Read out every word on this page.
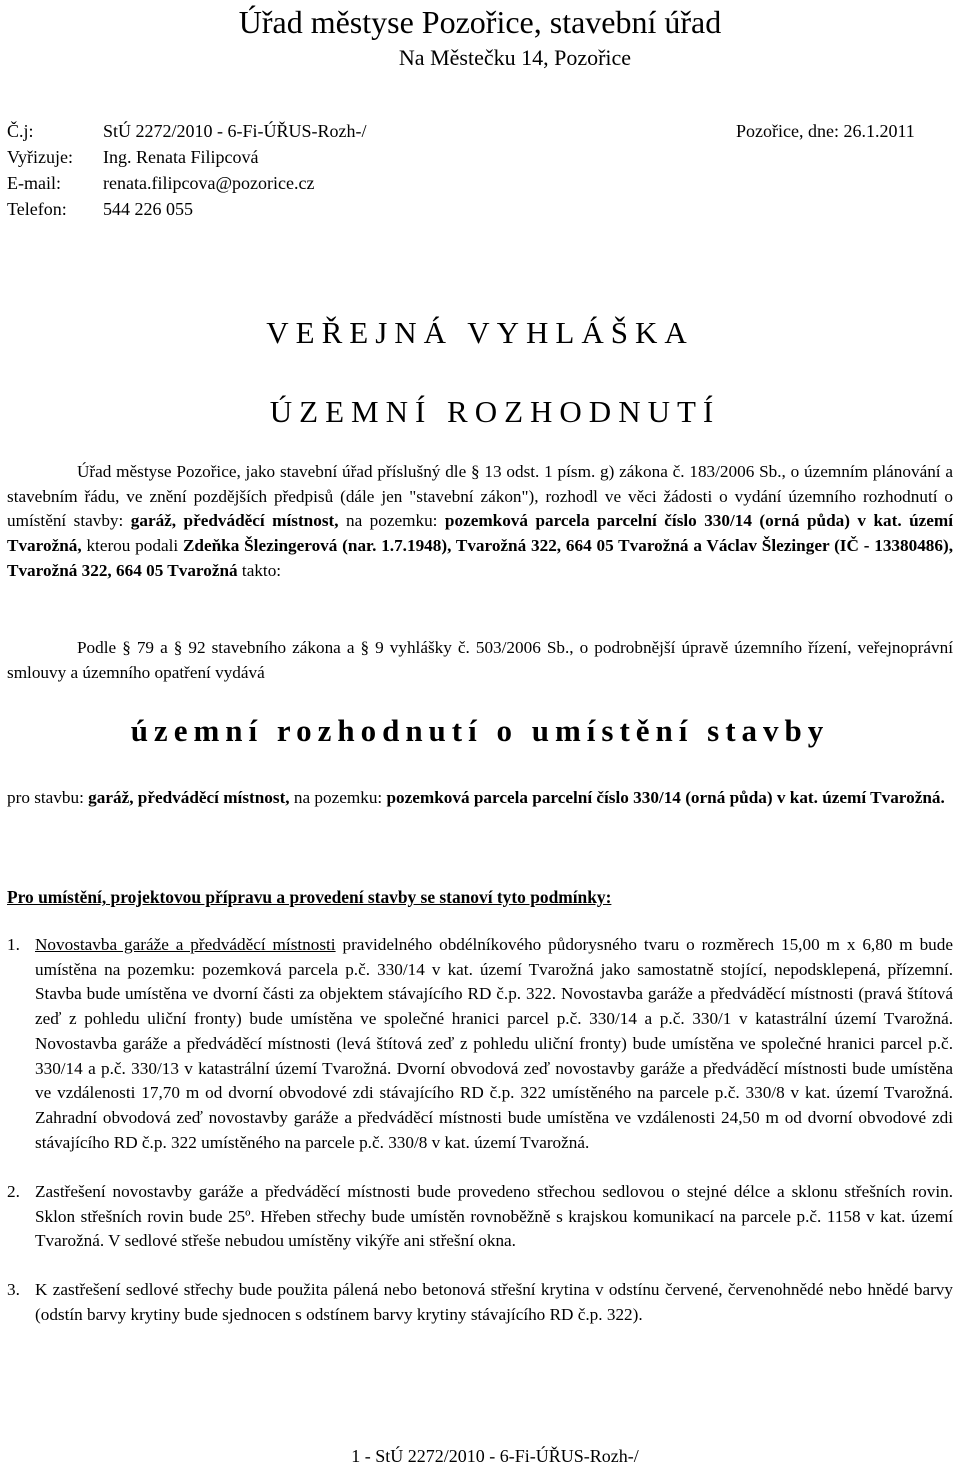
Úřad městyse Pozořice, stavební úřad
Na Městečku 14, Pozořice
Č.j:	StÚ 2272/2010 - 6-Fi-ÚŘUS-Rozh-/	Pozořice, dne: 26.1.2011
Vyřizuje: Ing. Renata Filipcová
E-mail: renata.filipcova@pozorice.cz
Telefon: 544 226 055
VEŘEJNÁ VYHLÁŠKA
ÚZEMNÍ ROZHODNUTÍ
Úřad městyse Pozořice, jako stavební úřad příslušný dle § 13 odst. 1 písm. g) zákona č. 183/2006 Sb., o územním plánování a stavebním řádu, ve znění pozdějších předpisů (dále jen "stavební zákon"), rozhodl ve věci žádosti o vydání územního rozhodnutí o umístění stavby: garáž, předváděcí místnost, na pozemku: pozemková parcela parcelní číslo 330/14 (orná půda) v kat. území Tvarožná, kterou podali Zdeňka Šlezingerová (nar. 1.7.1948), Tvarožná 322, 664 05 Tvarožná a Václav Šlezinger (IČ - 13380486), Tvarožná 322, 664 05 Tvarožná takto:
Podle § 79 a § 92 stavebního zákona a § 9 vyhlášky č. 503/2006 Sb., o podrobnější úpravě územního řízení, veřejnoprávní smlouvy a územního opatření vydává
územní rozhodnutí o umístění stavby
pro stavbu: garáž, předváděcí místnost, na pozemku: pozemková parcela parcelní číslo 330/14 (orná půda) v kat. území Tvarožná.
Pro umístění, projektovou přípravu a provedení stavby se stanoví tyto podmínky:
1. Novostavba garáže a předváděcí místnosti pravidelného obdélníkového půdorysného tvaru o rozměrech 15,00 m x 6,80 m bude umístěna na pozemku: pozemková parcela p.č. 330/14 v kat. území Tvarožná jako samostatně stojící, nepodsklepená, přízemní. Stavba bude umístěna ve dvorní části za objektem stávajícího RD č.p. 322. Novostavba garáže a předváděcí místnosti (pravá štítová zeď z pohledu uliční fronty) bude umístěna ve společné hranici parcel p.č. 330/14 a p.č. 330/1 v katastrální území Tvarožná. Novostavba garáže a předváděcí místnosti (levá štítová zeď z pohledu uliční fronty) bude umístěna ve společné hranici parcel p.č. 330/14 a p.č. 330/13 v katastrální území Tvarožná. Dvorní obvodová zeď novostavby garáže a předváděcí místnosti bude umístěna ve vzdálenosti 17,70 m od dvorní obvodové zdi stávajícího RD č.p. 322 umístěného na parcele p.č. 330/8 v kat. území Tvarožná. Zahradní obvodová zeď novostavby garáže a předváděcí místnosti bude umístěna ve vzdálenosti 24,50 m od dvorní obvodové zdi stávajícího RD č.p. 322 umístěného na parcele p.č. 330/8 v kat. území Tvarožná.
2. Zastřešení novostavby garáže a předváděcí místnosti bude provedeno střechou sedlovou o stejné délce a sklonu střešních rovin. Sklon střešních rovin bude 25º. Hřeben střechy bude umístěn rovnoběžně s krajskou komunikací na parcele p.č. 1158 v kat. území Tvarožná. V sedlové střeše nebudou umístěny vikýře ani střešní okna.
3. K zastřešení sedlové střechy bude použita pálená nebo betonová střešní krytina v odstínu červené, červenohnědé nebo hnědé barvy (odstín barvy krytiny bude sjednocen s odstínem barvy krytiny stávajícího RD č.p. 322).
1 - StÚ 2272/2010 - 6-Fi-ÚŘUS-Rozh-/
